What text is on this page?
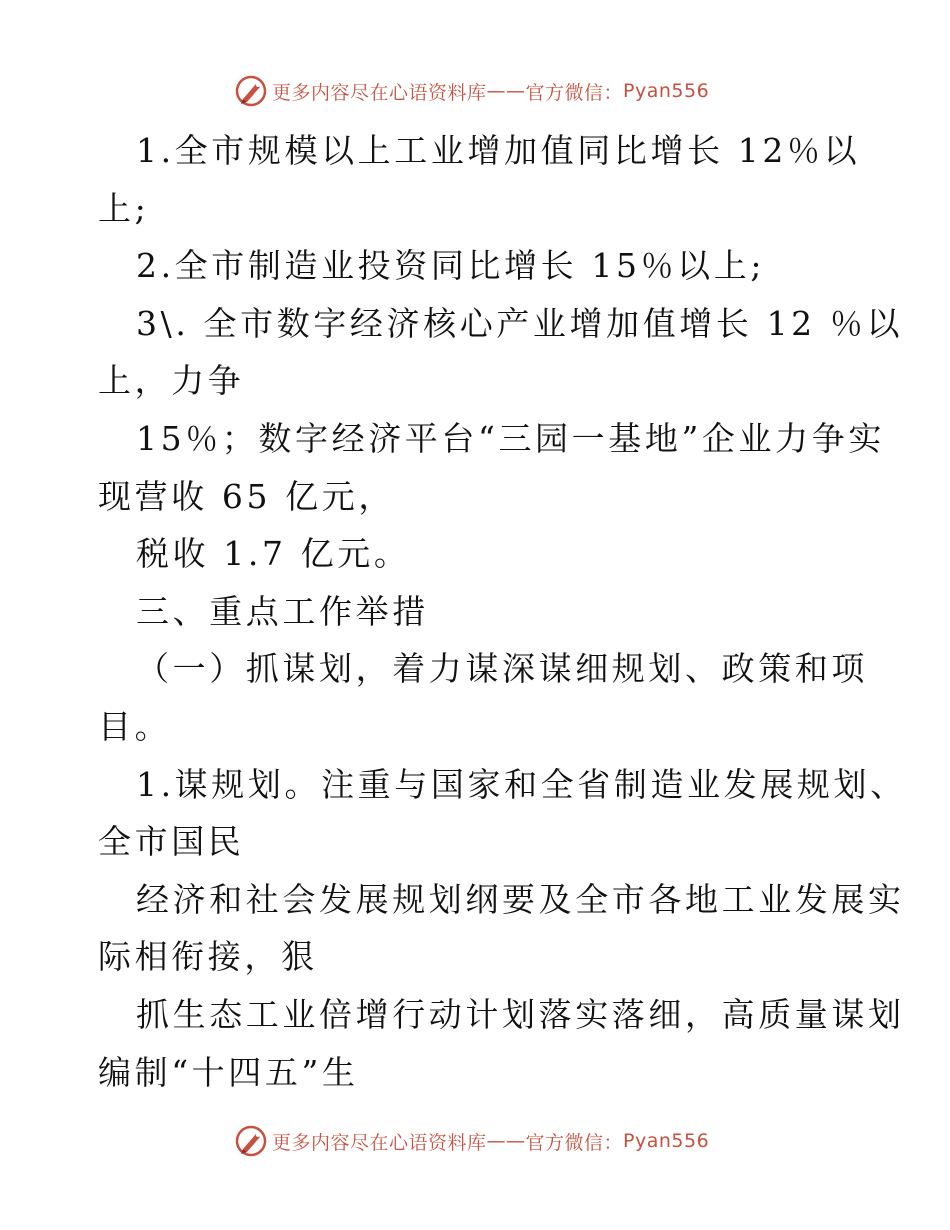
更多内容尽在心语资料库 —— 官方微信： Pyan556
1.全市规模以上工业增加值同比增长 12％以
上;
2.全市制造业投资同比增长 15％以上;
3\. 全市数字经济核心产业增加值增长 12 ％以
上，力争
15％；数字经济平台“三园一基地”企业力争实
现营收 65 亿元，
税收 1.7 亿元。
三、重点工作举措
（一）抓谋划，着力谋深谋细规划、政策和项
目。
1.谋规划。注重与国家和全省制造业发展规划、
全市国民
经济和社会发展规划纲要及全市各地工业发展实
际相衔接，狠
抓生态工业倍增行动计划落实落细，高质量谋划
编制“十四五”生
更多内容尽在心语资料库 —— 官方微信： Pyan556
